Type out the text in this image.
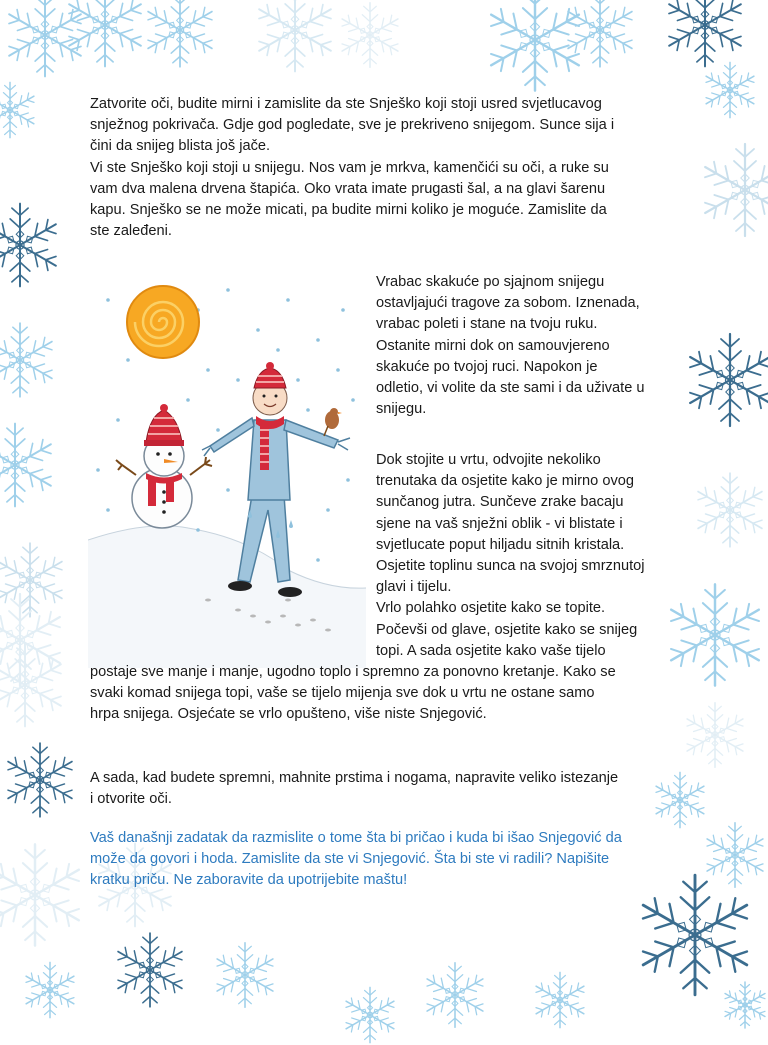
Zatvorite oči, budite mirni i zamislite da ste Snješko koji stoji usred svjetlucavog
snježnog pokrivača. Gdje god pogledate, sve je prekriveno snijegom. Sunce sija i
čini da snijeg blista još jače.
Vi ste Snješko koji stoji u snijegu. Nos vam je mrkva, kamenčići su oči, a ruke su
vam dva malena drvena štapića. Oko vrata imate prugasti šal, a na glavi šarenu
kapu. Snješko se ne može micati, pa budite mirni koliko je moguće. Zamislite da
ste zaleđeni.
Vrabac skakuće po sjajnom snijegu
ostavljajući tragove za sobom. Iznenada,
vrabac poleti i stane na tvoju ruku.
Ostanite mirni dok on samouvjereno
skakuće po tvojoj ruci. Napokon je
odletio, vi volite da ste sami i da uživate u
snijegu.
Dok stojite u vrtu, odvojite nekoliko
trenutaka da osjetite kako je mirno ovog
sunčanog jutra. Sunčeve zrake bacaju
sjene na vaš snježni oblik - vi blistate i
svjetlucate poput hiljadu sitnih kristala.
Osjetite toplinu sunca na svojoj smrznutoj
glavi i tijelu.
Vrlo polahko osjetite kako se topite.
Počevši od glave, osjetite kako se snijeg
topi. A sada osjetite kako vaše tijelo
postaje sve manje i manje, ugodno toplo i spremno za ponovno kretanje. Kako se
svaki komad snijega topi, vaše se tijelo mijenja sve dok u vrtu ne ostane samo
hrpa snijega. Osjećate se vrlo opušteno, više niste Snjegović.
A sada, kad budete spremni, mahnite prstima i nogama, napravite veliko istezanje
i otvorite oči.
Vaš današnji zadatak da razmislite o tome šta bi pričao i kuda bi išao Snjegović da
može da govori i hoda. Zamislite da ste vi Snjegović. Šta bi ste vi radili? Napišite
kratku priču. Ne zaboravite da upotrijebite maštu!
